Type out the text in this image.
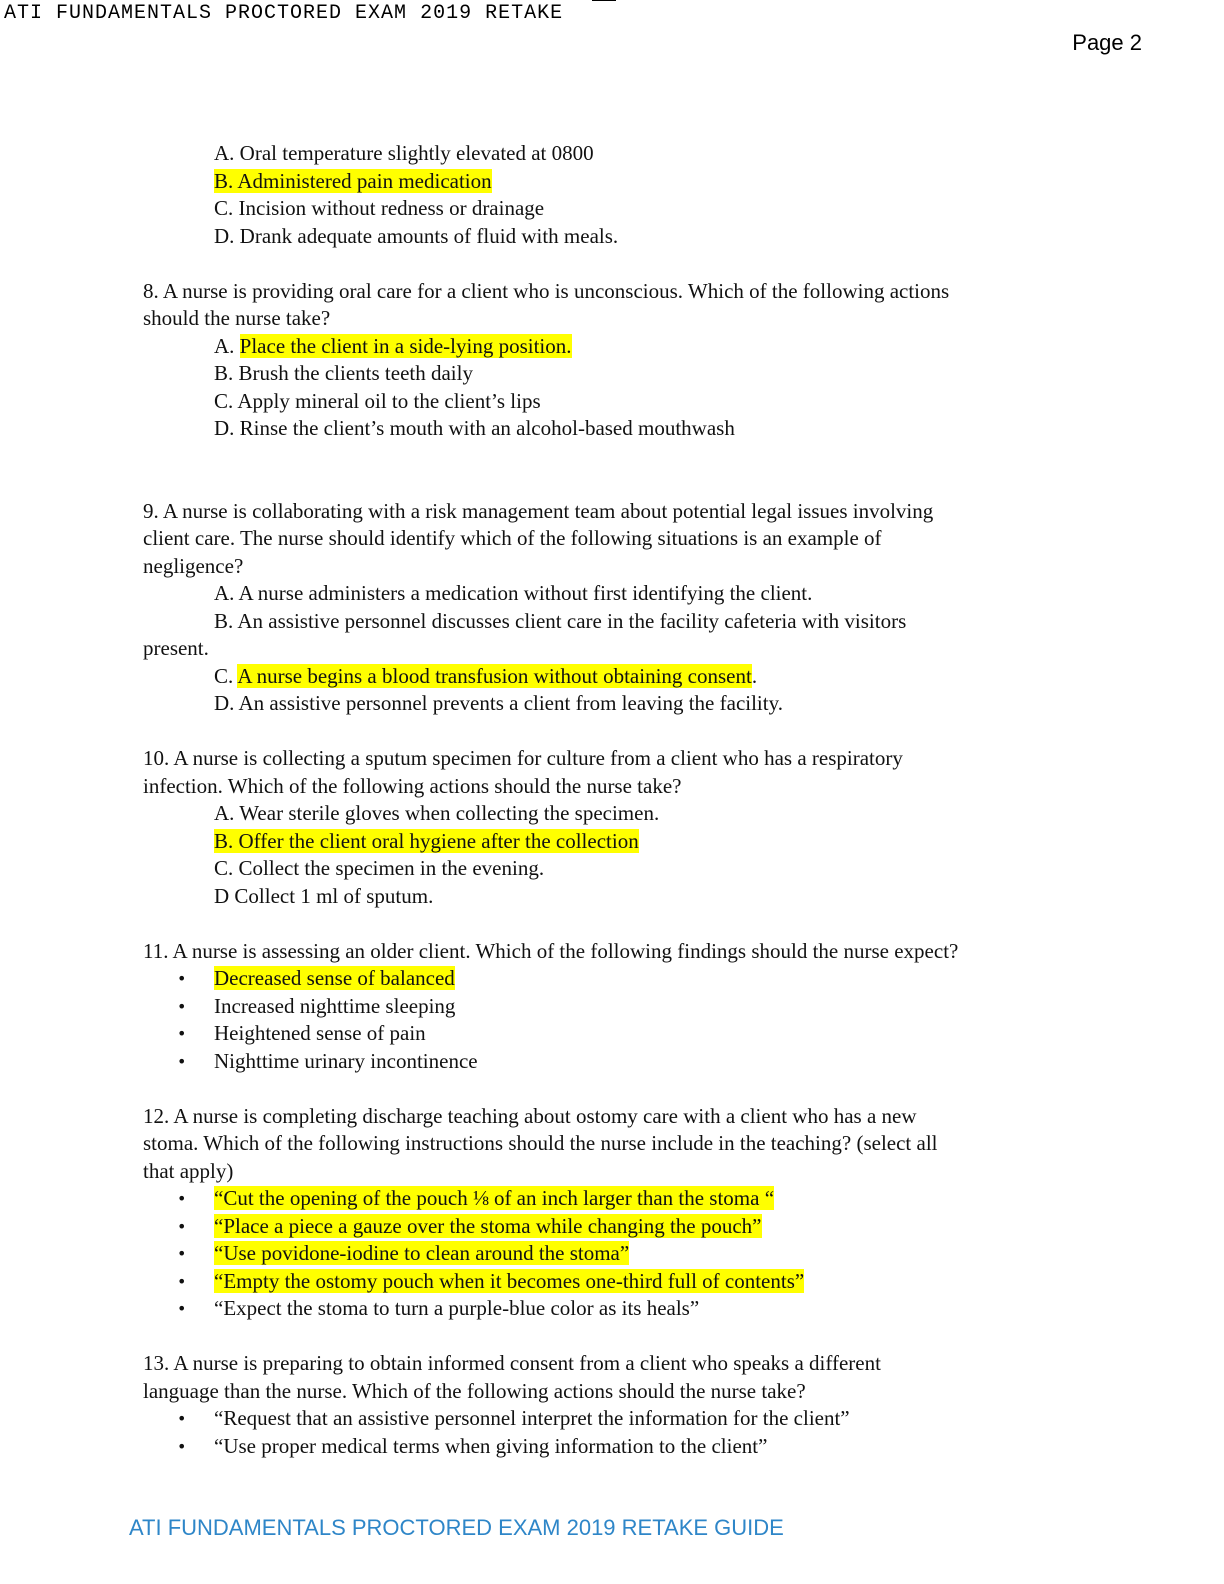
ATI FUNDAMENTALS PROCTORED EXAM 2019 RETAKE
Page 2
A. Oral temperature slightly elevated at 0800
B. Administered pain medication
C. Incision without redness or drainage
D. Drank adequate amounts of fluid with meals.
8. A nurse is providing oral care for a client who is unconscious. Which of the following actions
should the nurse take?
A. Place the client in a side-lying position.
B. Brush the clients teeth daily
C. Apply mineral oil to the client’s lips
D. Rinse the client’s mouth with an alcohol-based mouthwash
9. A nurse is collaborating with a risk management team about potential legal issues involving
client care. The nurse should identify which of the following situations is an example of
negligence?
A. A nurse administers a medication without first identifying the client.
B. An assistive personnel discusses client care in the facility cafeteria with visitors
present.
C. A nurse begins a blood transfusion without obtaining consent.
D. An assistive personnel prevents a client from leaving the facility.
10. A nurse is collecting a sputum specimen for culture from a client who has a respiratory
infection. Which of the following actions should the nurse take?
A. Wear sterile gloves when collecting the specimen.
B. Offer the client oral hygiene after the collection
C. Collect the specimen in the evening.
D Collect 1 ml of sputum.
11. A nurse is assessing an older client. Which of the following findings should the nurse expect?
• Decreased sense of balanced
• Increased nighttime sleeping
• Heightened sense of pain
• Nighttime urinary incontinence
12. A nurse is completing discharge teaching about ostomy care with a client who has a new
stoma. Which of the following instructions should the nurse include in the teaching? (select all
that apply)
• “Cut the opening of the pouch ⅛ of an inch larger than the stoma “
• “Place a piece a gauze over the stoma while changing the pouch”
• “Use povidone-iodine to clean around the stoma”
• “Empty the ostomy pouch when it becomes one-third full of contents”
• “Expect the stoma to turn a purple-blue color as its heals”
13. A nurse is preparing to obtain informed consent from a client who speaks a different
language than the nurse. Which of the following actions should the nurse take?
• “Request that an assistive personnel interpret the information for the client”
• “Use proper medical terms when giving information to the client”
ATI FUNDAMENTALS PROCTORED EXAM 2019 RETAKE GUIDE
